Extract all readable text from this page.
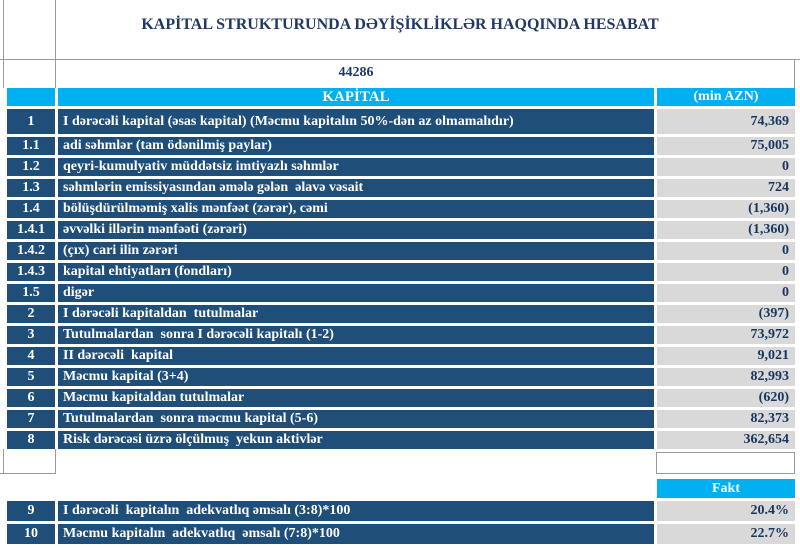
KAPİTAL STRUKTURUNDA DƏYİŞİKLİKLƏR HAQQINDA HESABAT
44286
KAPİTAL	(min AZN)
1	I dərəcəli kapital (əsas kapital) (Məcmu kapitalın 50%-dən az olmamalıdır)	74,369
1.1	adi səhmlər (tam ödənilmiş paylar)	75,005
1.2	qeyri-kumulyativ müddətsiz imtiyazlı səhmlər	0
1.3	səhmlərin emissiyasından əmələ gələn  əlavə vəsait	724
1.4	bölüşdürülməmiş xalis mənfəət (zərər), cəmi	(1,360)
1.4.1	əvvəlki illərin mənfəəti (zərəri)	(1,360)
1.4.2	(çıx) cari ilin zərəri	0
1.4.3	kapital ehtiyatları (fondları)	0
1.5	digər	0
2	I dərəcəli kapitaldan  tutulmalar	(397)
3	Tutulmalardan  sonra I dərəcəli kapitalı (1-2)	73,972
4	II dərəcəli  kapital	9,021
5	Məcmu kapital (3+4)	82,993
6	Məcmu kapitaldan tutulmalar	(620)
7	Tutulmalardan  sonra məcmu kapital (5-6)	82,373
8	Risk dərəcəsi üzrə ölçülmuş  yekun aktivlər	362,654
Fakt
9	I dərəcəli  kapitalın  adekvatlıq əmsalı (3:8)*100	20.4%
10	Məcmu kapitalın  adekvatlıq  əmsalı (7:8)*100	22.7%
